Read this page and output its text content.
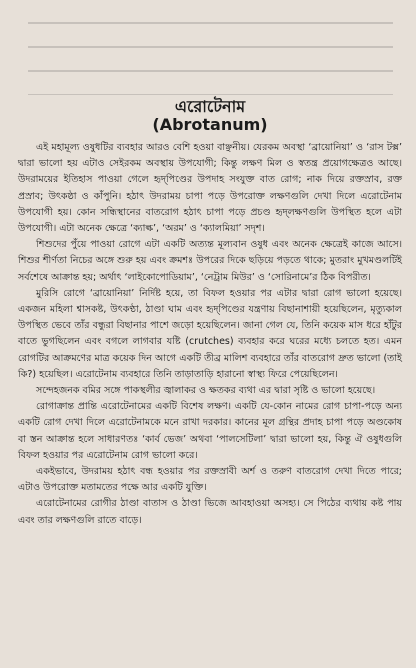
এরোটেনাম

(Abrotanum)

এই মহামূল্য ওষুধটির ব্যবহার আরও বেশি হওয়া বাঞ্ছনীয়। যেরকম অবস্থা ‘ব্রায়োনিয়া’ ও ‘রাস টক্স’ দ্বারা ভালো হয় এটাও সেইরকম অবস্থায় উপযোগী; কিন্তু লক্ষণ মিল ও স্বতন্ত্র প্রয়োগক্ষেত্রও আছে। উদরাময়ের ইতিহাস পাওয়া গেলে হৃদ্‌পিণ্ডের উপদাহ সংযুক্ত বাত রোগ; নাক দিয়ে রক্তস্রাব, রক্ত প্রস্রাব; উৎকষ্ঠা ও কাঁপুনি। হঠাৎ উদরাময় চাপা পড়ে উপরোক্ত লক্ষণগুলি দেখা দিলে এরোটেনাম উপযোগী হয়। কোন সন্ধিস্থানের বাতরোগ হঠাৎ চাপা পড়ে প্রচণ্ড হৃদ্‌লক্ষণগুলি উপস্থিত হলে এটা উপযোগী। এটা অনেক ক্ষেত্রে ‘ক্যাল্ক’, ‘অরম’ ও ‘ক্যালমিয়া’ সদৃশ।

শিশুদের পুঁয়ে পাওয়া রোগে এটা একটি অত্যন্ত মূল্যবান ওষুধ এবং অনেক ক্ষেত্রেই কাজে আসে। শিশুর শীর্ণতা নিচের অঙ্গে শুরু হয় এবং ক্রমশঃ উপরের দিকে ছড়িয়ে পড়তে থাকে; মুতরাং মুখমণ্ডলটিই সর্বশেষে আক্রান্ত হয়; অর্থাৎ ‘লাইকোপোডিয়াম’, ‘নেট্রাম মিউর’ ও ‘সোরিনামে’র ঠিক বিপরীত।

মুরিসি রোগে ‘ব্রায়োনিয়া’ নির্দিষ্ট হয়ে, তা বিফল হওয়ার পর এটার দ্বারা রোগ ভালো হয়েছে। একজন মহিলা শ্বাসকষ্ট, উৎকণ্ঠা, ঠাণ্ডা ঘাম এবং হৃদ্‌পিণ্ডের যন্ত্রণায় বিছানাশায়ী হয়েছিলেন, মৃত্যুকাল উপস্থিত ভেবে তাঁর বন্ধুরা বিছানার পাশে জড়ো হয়েছিলেন। জানা গেল যে, তিনি কয়েক মাস ধরে হাঁটুর বাতে ভুগছিলেন এবং বগলে লাগবার যষ্টি (crutches) ব্যবহার করে ঘরের মধ্যে চলতে হত। এমন রোগটির আক্রমণের মাত্র কয়েক দিন আগে একটি তীব্র মালিশ ব্যবহারে তাঁর বাতরোগ দ্রুত ভালো (তাই কি?) হয়েছিল। এরোটেনাম ব্যবহারে তিনি তাড়াতাড়ি হারানো স্বাস্থ্য ফিরে পেয়েছিলেন।

সন্দেহজনক বমির সঙ্গে পাকস্থলীর জ্বালাকর ও ক্ষতকর ব্যথা এর দ্বারা সৃষ্টি ও ভালো হয়েছে।

রোগাক্রান্ত প্রান্তি এরোটেনামের একটি বিশেষ লক্ষণ। একটি যে-কোন নামের রোগ চাপা-পড়ে অন্য একটি রোগ দেখা দিলে এরোটেনামকে মনে রাখা দরকার। কানের মূল গ্রন্থির প্রদাহ চাপা পড়ে অণ্ডকোষ বা স্তন আক্রান্ত হলে সাধারণতঃ ‘কার্ব ভেজ’ অথবা ‘পালসেটিলা’ দ্বারা ভালো হয়, কিন্তু ঐ ওষুধগুলি বিফল হওয়ার পর এরোটেনাম রোগ ভালো করে।

একইভাবে, উদরাময় হঠাৎ বন্ধ হওয়ার পর রক্তস্রাবী অর্শ ও তরুণ বাতরোগ দেখা দিতে পারে; এটাও উপরোক্ত মতামতের পক্ষে আর একটি যুক্তি।

এরোটেনামের রোগীর ঠাণ্ডা বাতাস ও ঠাণ্ডা ভিজে আবহাওয়া অসহ্য। সে পিঠের ব্যথায় কষ্ট পায় এবং তার লক্ষণগুলি রাতে বাড়ে।
